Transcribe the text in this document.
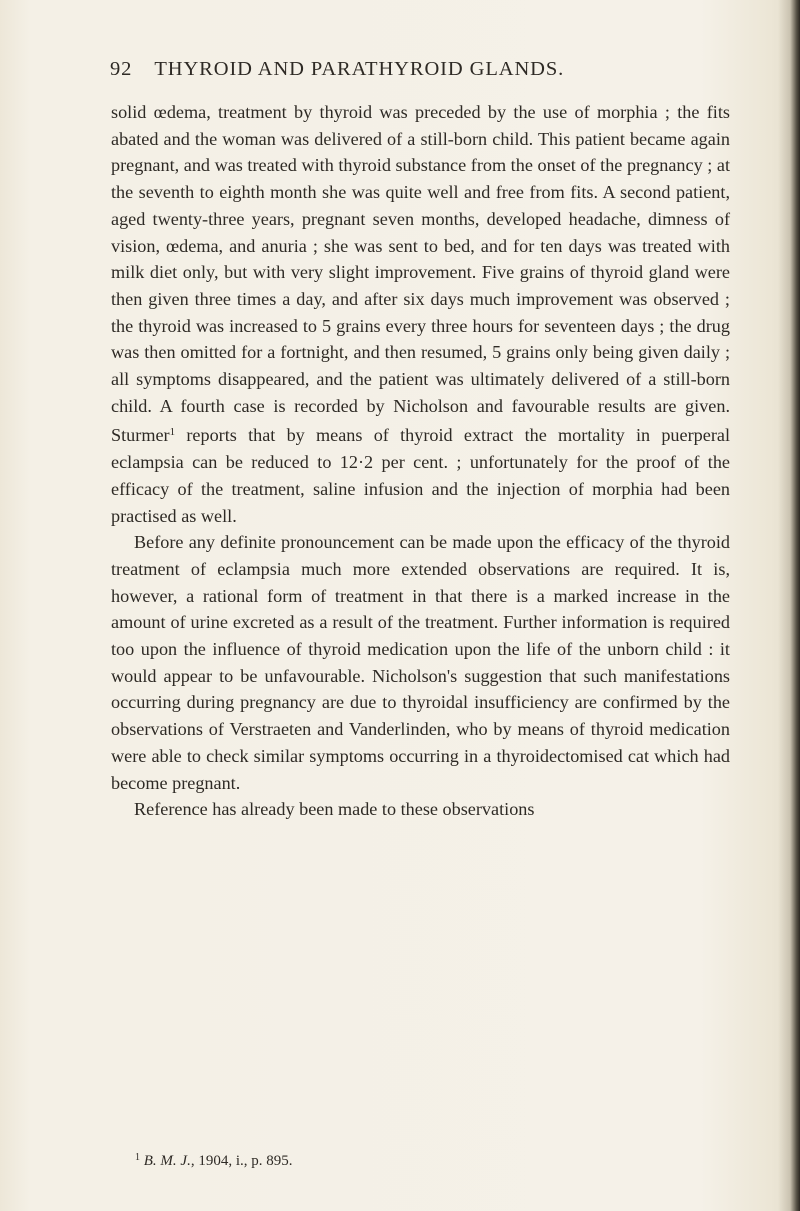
92 THYROID AND PARATHYROID GLANDS.

solid œdema, treatment by thyroid was preceded by the use of morphia ; the fits abated and the woman was delivered of a still-born child. This patient became again pregnant, and was treated with thyroid substance from the onset of the pregnancy ; at the seventh to eighth month she was quite well and free from fits. A second patient, aged twenty-three years, pregnant seven months, developed headache, dimness of vision, œdema, and anuria ; she was sent to bed, and for ten days was treated with milk diet only, but with very slight improvement. Five grains of thyroid gland were then given three times a day, and after six days much improvement was observed ; the thyroid was increased to 5 grains every three hours for seventeen days ; the drug was then omitted for a fortnight, and then resumed, 5 grains only being given daily ; all symptoms disappeared, and the patient was ultimately delivered of a still-born child. A fourth case is recorded by Nicholson and favourable results are given. Sturmer$^1$ reports that by means of thyroid extract the mortality in puerperal eclampsia can be reduced to 12·2 per cent. ; unfortunately for the proof of the efficacy of the treatment, saline infusion and the injection of morphia had been practised as well.

Before any definite pronouncement can be made upon the efficacy of the thyroid treatment of eclampsia much more extended observations are required. It is, however, a rational form of treatment in that there is a marked increase in the amount of urine excreted as a result of the treatment. Further information is required too upon the influence of thyroid medication upon the life of the unborn child : it would appear to be unfavourable. Nicholson's suggestion that such manifestations occurring during pregnancy are due to thyroidal insufficiency are confirmed by the observations of Verstraeten and Vanderlinden, who by means of thyroid medication were able to check similar symptoms occurring in a thyroidectomised cat which had become pregnant.

Reference has already been made to these observations

$^1$ B. M. J., 1904, i., p. 895.
